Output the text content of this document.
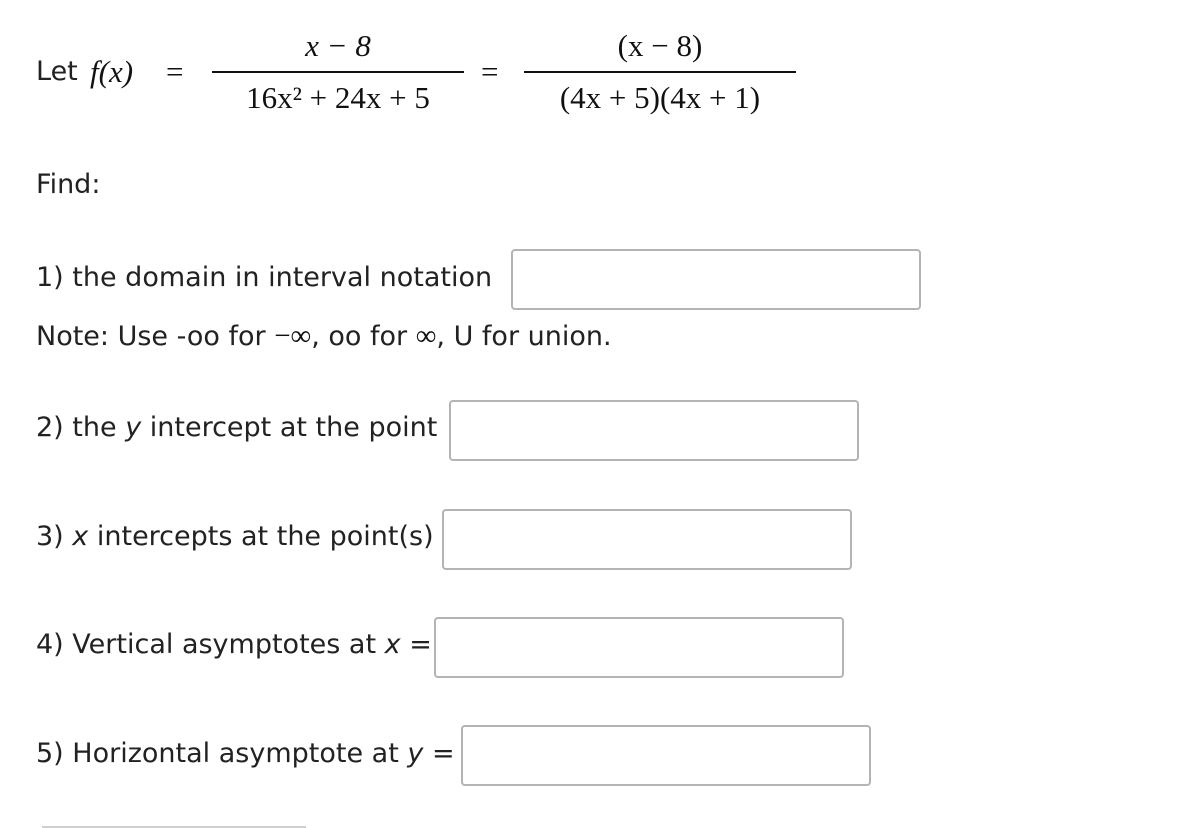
Let f(x) =
x − 8
16x² + 24x + 5
=
(x − 8)
(4x + 5)(4x + 1)
Find:
1) the domain in interval notation
Note: Use -oo for −∞, oo for ∞, U for union.
2) the y intercept at the point
3) x intercepts at the point(s)
4) Vertical asymptotes at x =
5) Horizontal asymptote at y =
